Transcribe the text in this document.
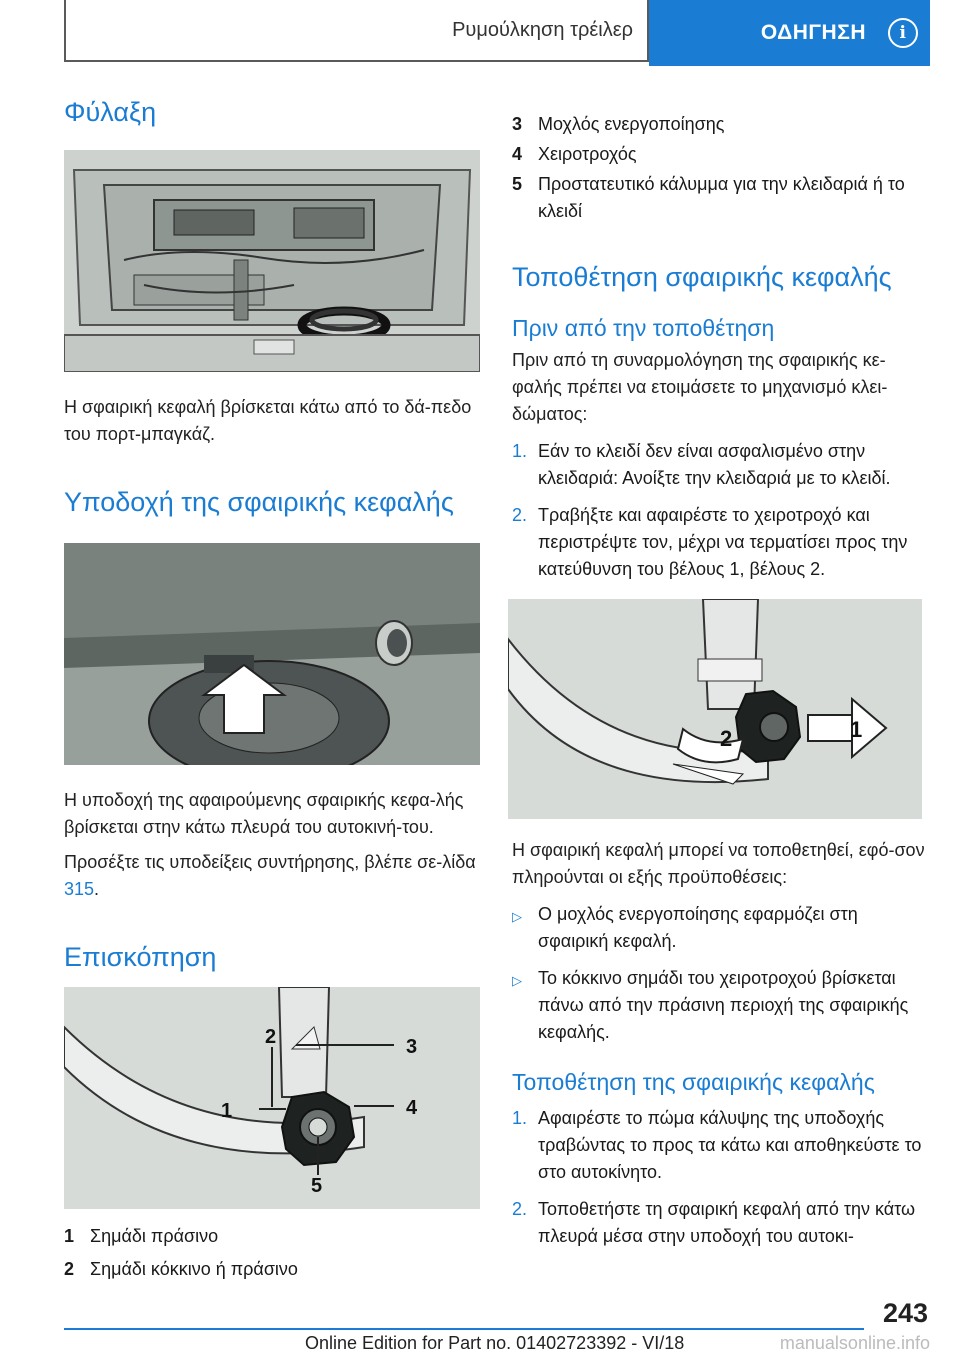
Ρυμούλκηση τρέιλερ	ΟΔΗΓΗΣΗ	i
Φύλαξη

Η σφαιρική κεφαλή βρίσκεται κάτω από το δά-πεδο του πορτ-μπαγκάζ.

Υποδοχή της σφαιρικής κεφαλής

Η υποδοχή της αφαιρούμενης σφαιρικής κεφα-λής βρίσκεται στην κάτω πλευρά του αυτοκινή-του.

Προσέξτε τις υποδείξεις συντήρησης, βλέπε σε-λίδα 315.

Επισκόπηση
1
2	3
4
5
1 Σημάδι πράσινο
2 Σημάδι κόκκινο ή πράσινο
3 Μοχλός ενεργοποίησης
4 Χειροτροχός
5 Προστατευτικό κάλυμμα για την κλειδαριά ή το κλειδί
Τοποθέτηση σφαιρικής κεφαλής
Πριν από την τοποθέτηση

Πριν από τη συναρμολόγηση της σφαιρικής κε-φαλής πρέπει να ετοιμάσετε το μηχανισμό κλει-δώματος:

1. Εάν το κλειδί δεν είναι ασφαλισμένο στην κλειδαριά: Ανοίξτε την κλειδαριά με το κλειδί.
2. Τραβήξτε και αφαιρέστε το χειροτροχό και περιστρέψτε τον, μέχρι να τερματίσει προς την κατεύθυνση του βέλους 1, βέλους 2.
2	1

Η σφαιρική κεφαλή μπορεί να τοποθετηθεί, εφό-σον πληρούνται οι εξής προϋποθέσεις:

▷ Ο μοχλός ενεργοποίησης εφαρμόζει στη σφαιρική κεφαλή.
▷ Το κόκκινο σημάδι του χειροτροχού βρίσκεται πάνω από την πράσινη περιοχή της σφαιρικής κεφαλής.
Τοποθέτηση της σφαιρικής κεφαλής
1. Αφαιρέστε το πώμα κάλυψης της υποδοχής τραβώντας το προς τα κάτω και αποθηκεύστε το στο αυτοκίνητο.
2. Τοποθετήστε τη σφαιρική κεφαλή από την κάτω πλευρά μέσα στην υποδοχή του αυτοκι-
243
Online Edition for Part no. 01402723392 - VI/18	manualsonline.info
